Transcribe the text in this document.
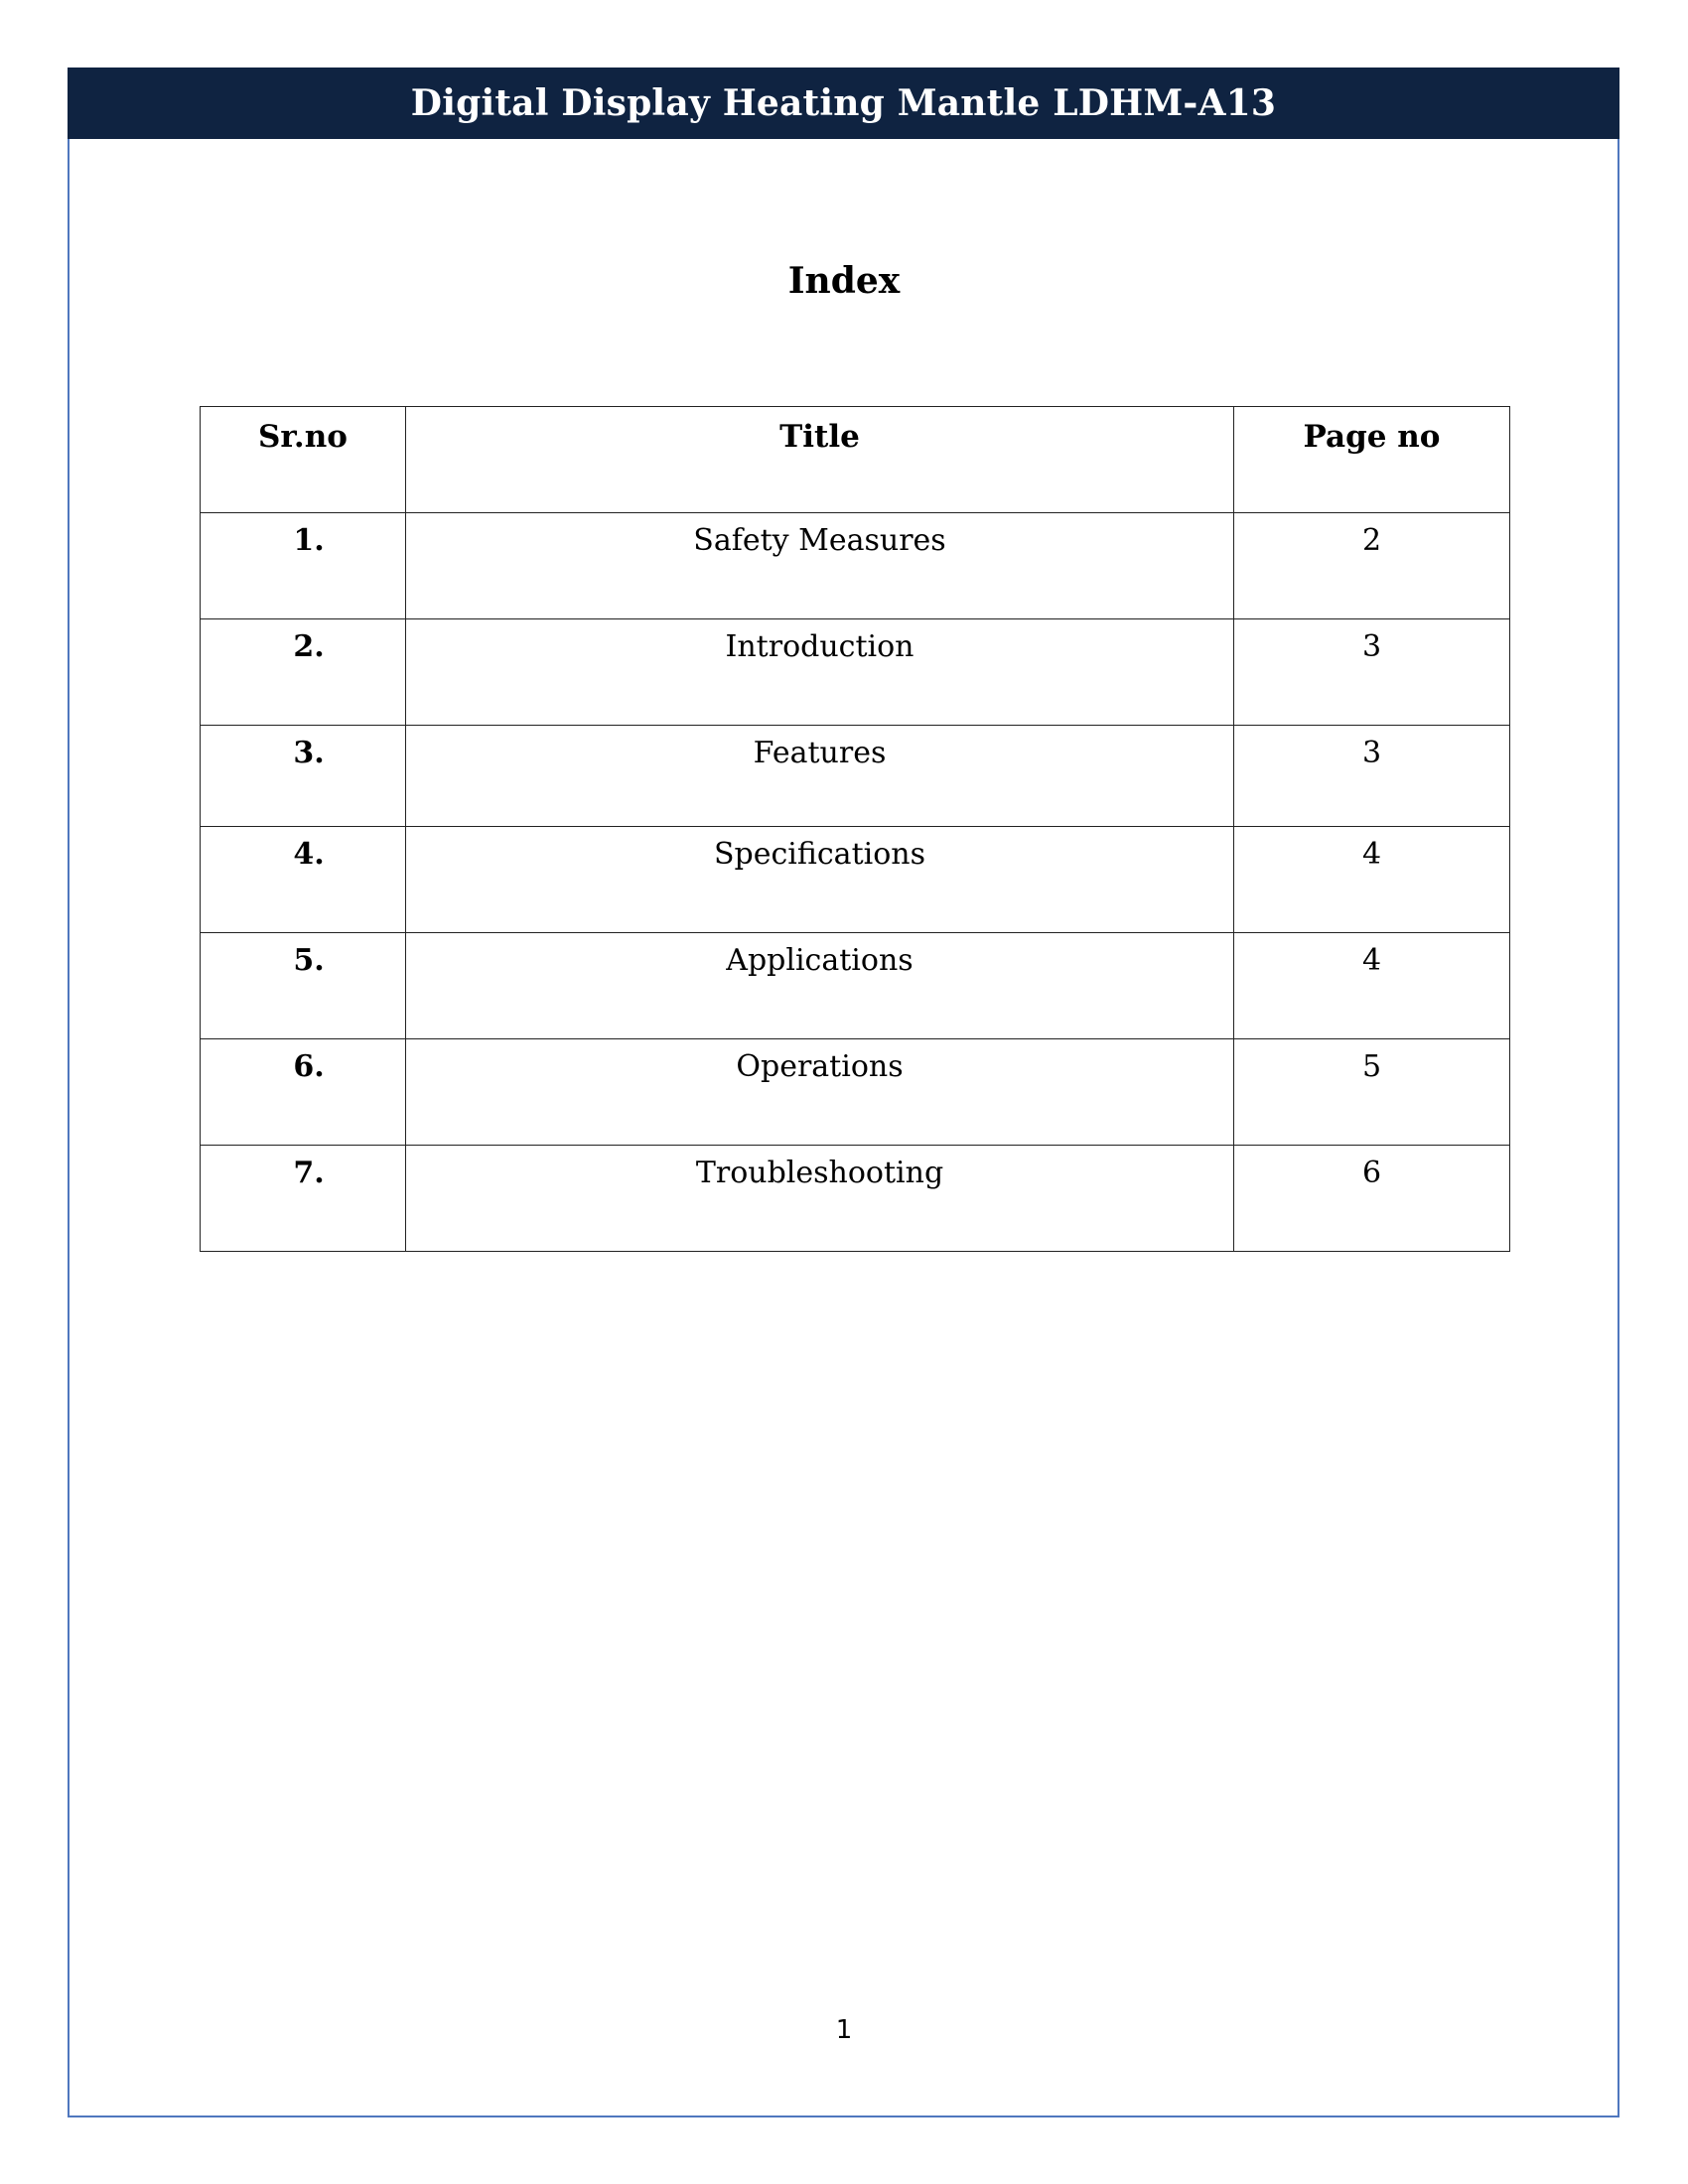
Digital Display Heating Mantle LDHM-A13
Index
Sr.no	Title	Page no
1.	Safety Measures	2
2.	Introduction	3
3.	Features	3
4.	Specifications	4
5.	Applications	4
6.	Operations	5
7.	Troubleshooting	6
1
